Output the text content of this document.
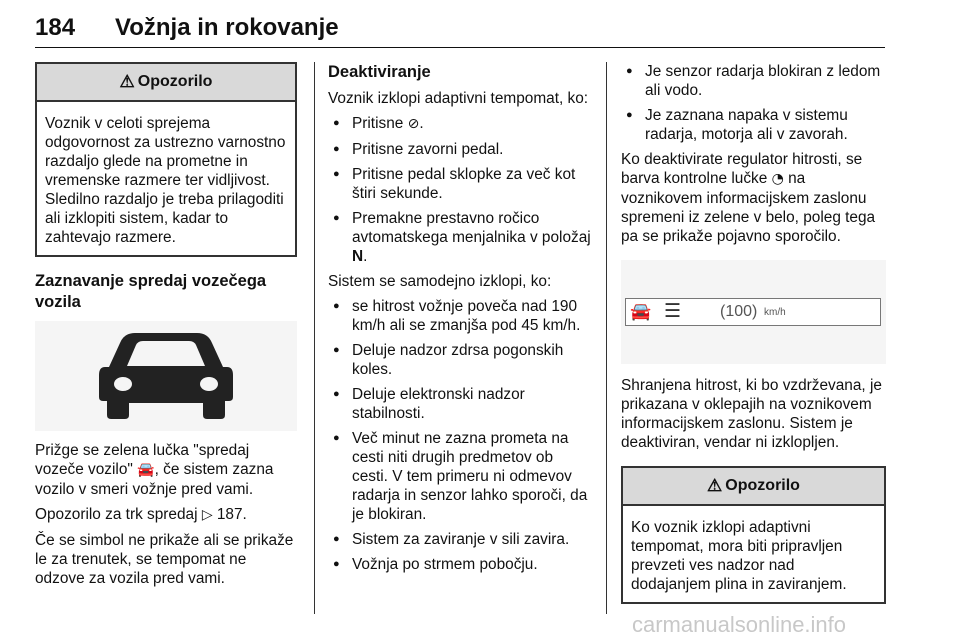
184 Vožnja in rokovanje
⚠ Opozorilo
Voznik v celoti sprejema odgovornost za ustrezno varnostno razdaljo glede na prometne in vremenske razmere ter vidljivost. Sledilno razdaljo je treba prilagoditi ali izklopiti sistem, kadar to zahtevajo razmere.
Zaznavanje spredaj vozečega vozila

Prižge se zelena lučka "spredaj vozeče vozilo" 🚘, če sistem zazna vozilo v smeri vožnje pred vami.

Opozorilo za trk spredaj ▷ 187.

Če se simbol ne prikaže ali se prikaže le za trenutek, se tempomat ne odzove za vozila pred vami.

Deaktiviranje

Voznik izklopi adaptivni tempomat, ko:

● Pritisne ⊘.
● Pritisne zavorni pedal.
● Pritisne pedal sklopke za več kot štiri sekunde.
● Premakne prestavno ročico avtomatskega menjalnika v položaj N.

Sistem se samodejno izklopi, ko:

● se hitrost vožnje poveča nad 190 km/h ali se zmanjša pod 45 km/h.
● Deluje nadzor zdrsa pogonskih koles.
● Deluje elektronski nadzor stabilnosti.
● Več minut ne zazna prometa na cesti niti drugih predmetov ob cesti. V tem primeru ni odmevov radarja in senzor lahko sporoči, da je blokiran.
● Sistem za zaviranje v sili zavira.
● Vožnja po strmem pobočju.
● Je senzor radarja blokiran z ledom ali vodo.
● Je zaznana napaka v sistemu radarja, motorja ali v zavorah.

Ko deaktivirate regulator hitrosti, se barva kontrolne lučke ◔ na voznikovem informacijskem zaslonu spremeni iz zelene v belo, poleg tega pa se prikaže pojavno sporočilo.

🚘 ☰ (100) km/h

Shranjena hitrost, ki bo vzdrževana, je prikazana v oklepajih na voznikovem informacijskem zaslonu. Sistem je deaktiviran, vendar ni izklopljen.

⚠ Opozorilo
Ko voznik izklopi adaptivni tempomat, mora biti pripravljen prevzeti ves nadzor nad dodajanjem plina in zaviranjem.
carmanualsonline.info
